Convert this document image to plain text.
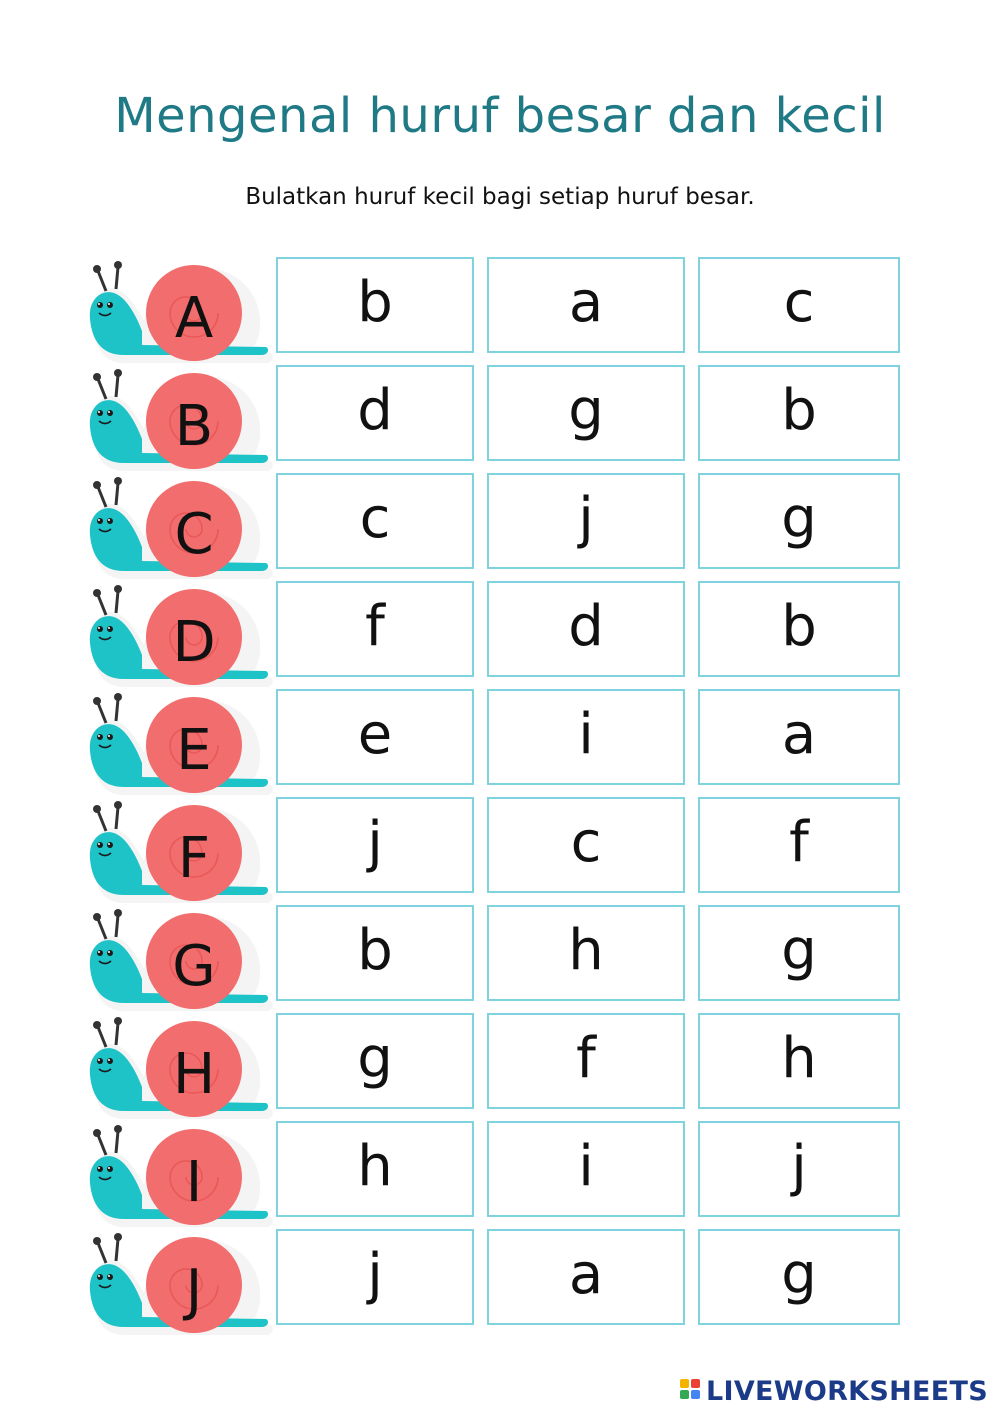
Mengenal huruf besar dan kecil
Bulatkan huruf kecil bagi setiap huruf besar.
A	b	a	c
B	d	g	b
C	c	j	g
D	f	d	b
E	e	i	a
F	j	c	f
G	b	h	g
H	g	f	h
I	h	i	j
J	j	a	g
LIVEWORKSHEETS
